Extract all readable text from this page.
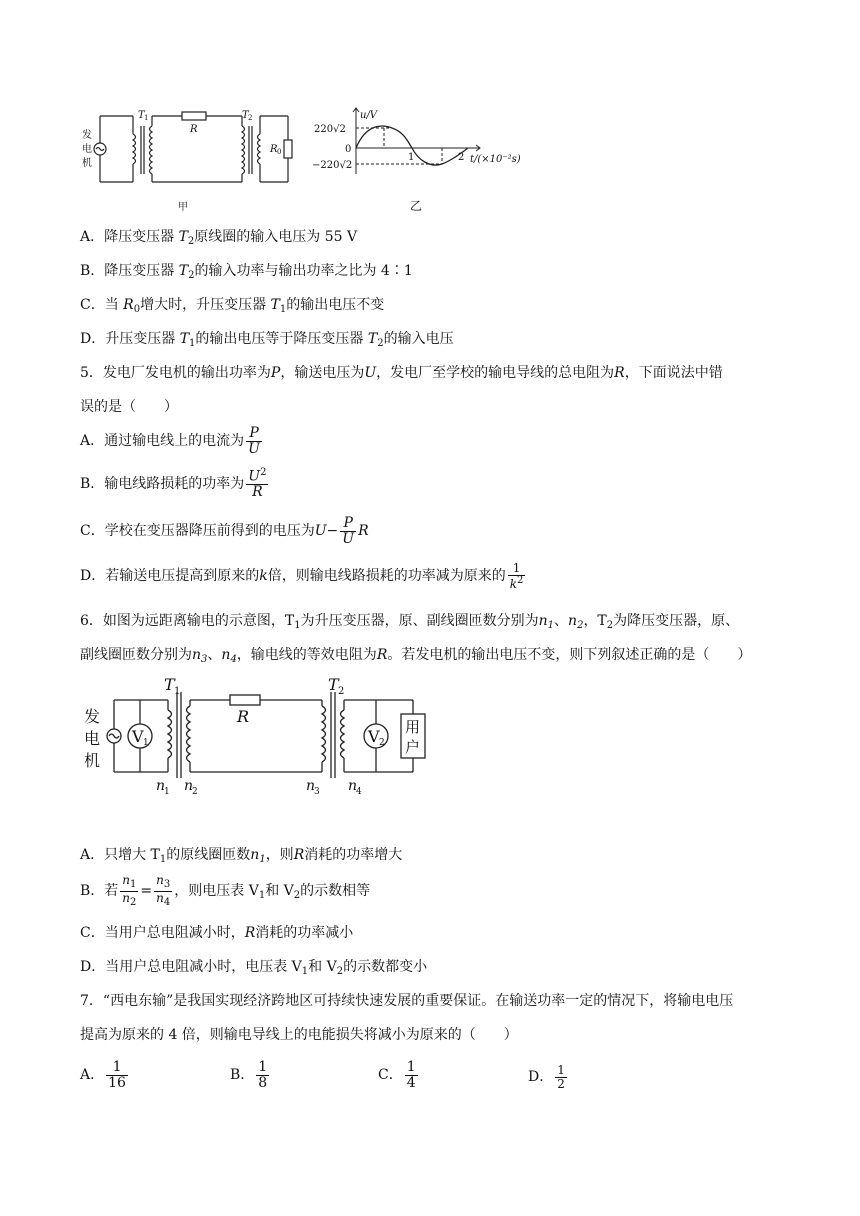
发
电
机
T 1
R
T 2
R 0
甲
220√2
0
−220√2
u/V
1	2 t/(×10⁻²s)
乙
A．降压变压器 $T_2$原线圈的输入电压为 55 V
B．降压变压器 $T_2$的输入功率与输出功率之比为 4∶1
C．当 $R_0$增大时，升压变压器 $T_1$的输出电压不变
D．升压变压器 $T_1$的输出电压等于降压变压器 $T_2$的输入电压
5．发电厂发电机的输出功率为P，输送电压为U，发电厂至学校的输电导线的总电阻为R，下面说法中错
误的是（　　）
A．通过输电线上的电流为 $\frac{P}{U}$
B．输电线路损耗的功率为 $\frac{U^2}{R}$
C．学校在变压器降压前得到的电压为$U- \frac{P}{U}$ R
D．若输送电压提高到原来的k倍，则输电线路损耗的功率减为原来的 $\frac{1}{k^2}$
6．如图为远距离输电的示意图，$T_1$为升压变压器，原、副线圈匝数分别为$n_1$、$n_2$，$T_2$为降压变压器，原、
副线圈匝数分别为$n_3$、$n_4$，输电线的等效电阻为R。若发电机的输出电压不变，则下列叙述正确的是（　　）
发
电
机
T 1	T 2
R
V 1	V 2
用
户
n
1 n
2	n
3 n
4
A．只增大 $T_1$的原线圈匝数$n_1$，则R消耗的功率增大
B．若 $\frac{n_1}{n_2} = \frac{n_3}{n_4}$ ，则电压表 $V_1$和 $V_2$的示数相等
C．当用户总电阻减小时，R消耗的功率减小
D．当用户总电阻减小时，电压表 $V_1$和 $V_2$的示数都变小
7．“西电东输”是我国实现经济跨地区可持续快速发展的重要保证。在输送功率一定的情况下，将输电电压
提高为原来的 4 倍，则输电导线上的电能损失将减小为原来的（　　）
A． $\frac{1}{16}$	B． $\frac{1}{8}$	C． $\frac{1}{4}$	D． $\frac{1}{2}$
